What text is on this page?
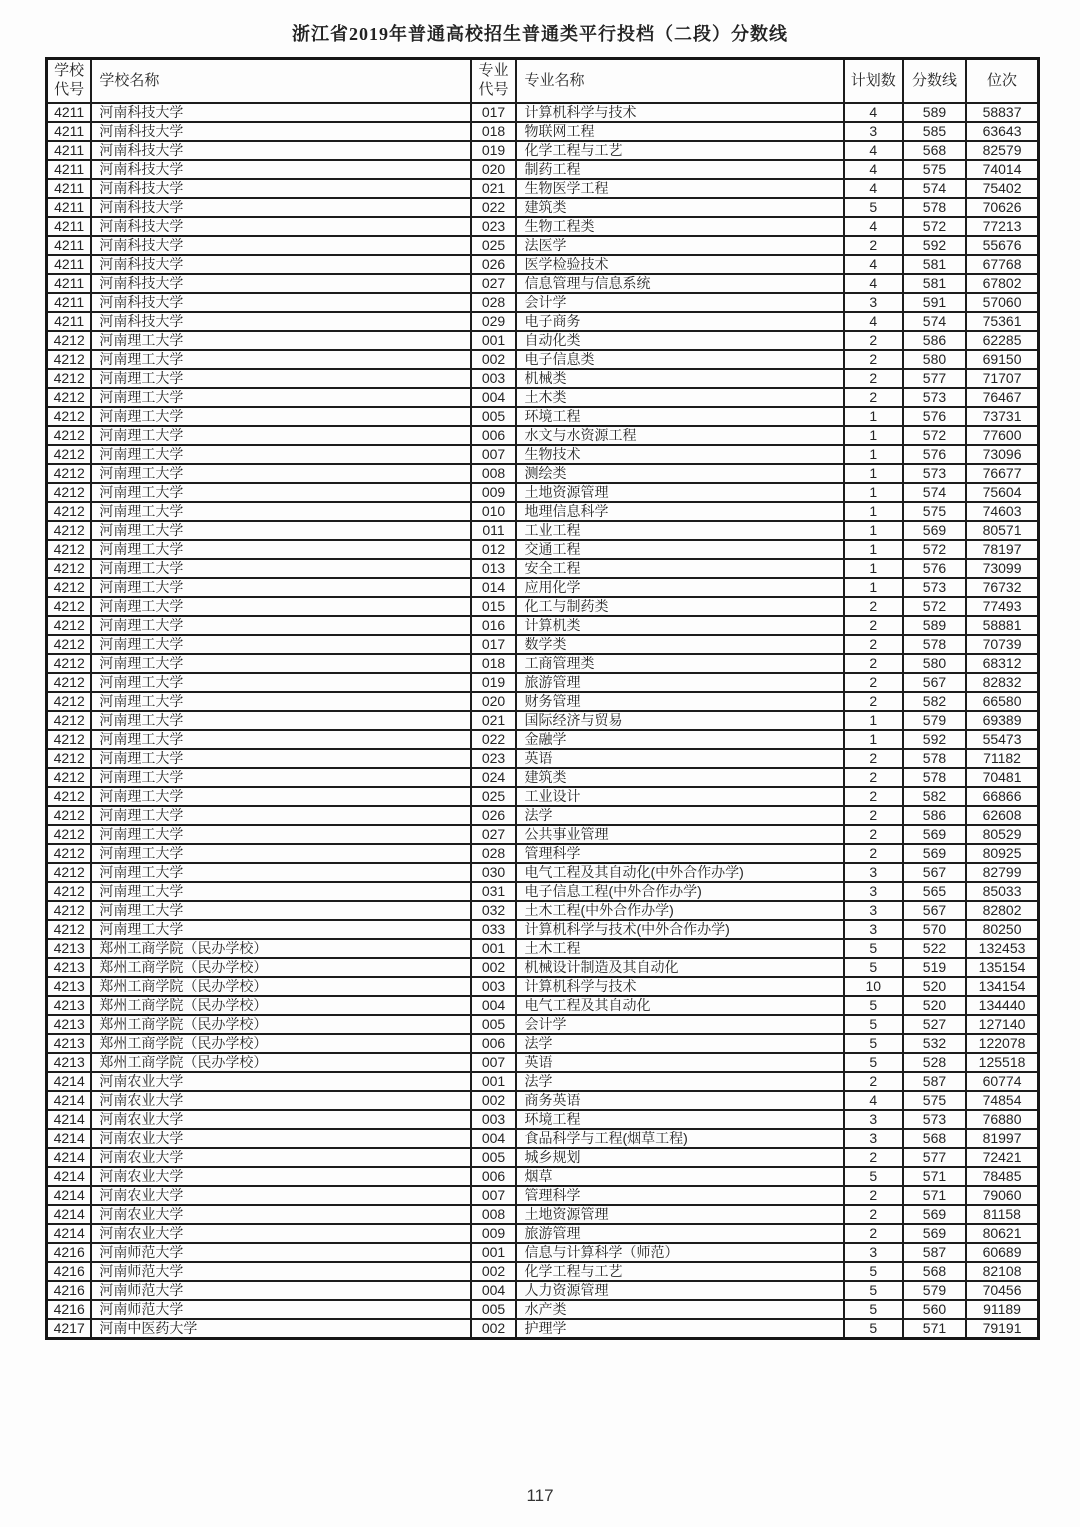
浙江省2019年普通高校招生普通类平行投档（二段）分数线
学校代号	学校名称	专业代号	专业名称	计划数	分数线	位次
4211	河南科技大学	017	计算机科学与技术	4	589	58837
4211	河南科技大学	018	物联网工程	3	585	63643
4211	河南科技大学	019	化学工程与工艺	4	568	82579
4211	河南科技大学	020	制药工程	4	575	74014
4211	河南科技大学	021	生物医学工程	4	574	75402
4211	河南科技大学	022	建筑类	5	578	70626
4211	河南科技大学	023	生物工程类	4	572	77213
4211	河南科技大学	025	法医学	2	592	55676
4211	河南科技大学	026	医学检验技术	4	581	67768
4211	河南科技大学	027	信息管理与信息系统	4	581	67802
4211	河南科技大学	028	会计学	3	591	57060
4211	河南科技大学	029	电子商务	4	574	75361
4212	河南理工大学	001	自动化类	2	586	62285
4212	河南理工大学	002	电子信息类	2	580	69150
4212	河南理工大学	003	机械类	2	577	71707
4212	河南理工大学	004	土木类	2	573	76467
4212	河南理工大学	005	环境工程	1	576	73731
4212	河南理工大学	006	水文与水资源工程	1	572	77600
4212	河南理工大学	007	生物技术	1	576	73096
4212	河南理工大学	008	测绘类	1	573	76677
4212	河南理工大学	009	土地资源管理	1	574	75604
4212	河南理工大学	010	地理信息科学	1	575	74603
4212	河南理工大学	011	工业工程	1	569	80571
4212	河南理工大学	012	交通工程	1	572	78197
4212	河南理工大学	013	安全工程	1	576	73099
4212	河南理工大学	014	应用化学	1	573	76732
4212	河南理工大学	015	化工与制药类	2	572	77493
4212	河南理工大学	016	计算机类	2	589	58881
4212	河南理工大学	017	数学类	2	578	70739
4212	河南理工大学	018	工商管理类	2	580	68312
4212	河南理工大学	019	旅游管理	2	567	82832
4212	河南理工大学	020	财务管理	2	582	66580
4212	河南理工大学	021	国际经济与贸易	1	579	69389
4212	河南理工大学	022	金融学	1	592	55473
4212	河南理工大学	023	英语	2	578	71182
4212	河南理工大学	024	建筑类	2	578	70481
4212	河南理工大学	025	工业设计	2	582	66866
4212	河南理工大学	026	法学	2	586	62608
4212	河南理工大学	027	公共事业管理	2	569	80529
4212	河南理工大学	028	管理科学	2	569	80925
4212	河南理工大学	030	电气工程及其自动化(中外合作办学)	3	567	82799
4212	河南理工大学	031	电子信息工程(中外合作办学)	3	565	85033
4212	河南理工大学	032	土木工程(中外合作办学)	3	567	82802
4212	河南理工大学	033	计算机科学与技术(中外合作办学)	3	570	80250
4213	郑州工商学院（民办学校）	001	土木工程	5	522	132453
4213	郑州工商学院（民办学校）	002	机械设计制造及其自动化	5	519	135154
4213	郑州工商学院（民办学校）	003	计算机科学与技术	10	520	134154
4213	郑州工商学院（民办学校）	004	电气工程及其自动化	5	520	134440
4213	郑州工商学院（民办学校）	005	会计学	5	527	127140
4213	郑州工商学院（民办学校）	006	法学	5	532	122078
4213	郑州工商学院（民办学校）	007	英语	5	528	125518
4214	河南农业大学	001	法学	2	587	60774
4214	河南农业大学	002	商务英语	4	575	74854
4214	河南农业大学	003	环境工程	3	573	76880
4214	河南农业大学	004	食品科学与工程(烟草工程)	3	568	81997
4214	河南农业大学	005	城乡规划	2	577	72421
4214	河南农业大学	006	烟草	5	571	78485
4214	河南农业大学	007	管理科学	2	571	79060
4214	河南农业大学	008	土地资源管理	2	569	81158
4214	河南农业大学	009	旅游管理	2	569	80621
4216	河南师范大学	001	信息与计算科学（师范）	3	587	60689
4216	河南师范大学	002	化学工程与工艺	5	568	82108
4216	河南师范大学	004	人力资源管理	5	579	70456
4216	河南师范大学	005	水产类	5	560	91189
4217	河南中医药大学	002	护理学	5	571	79191
117
